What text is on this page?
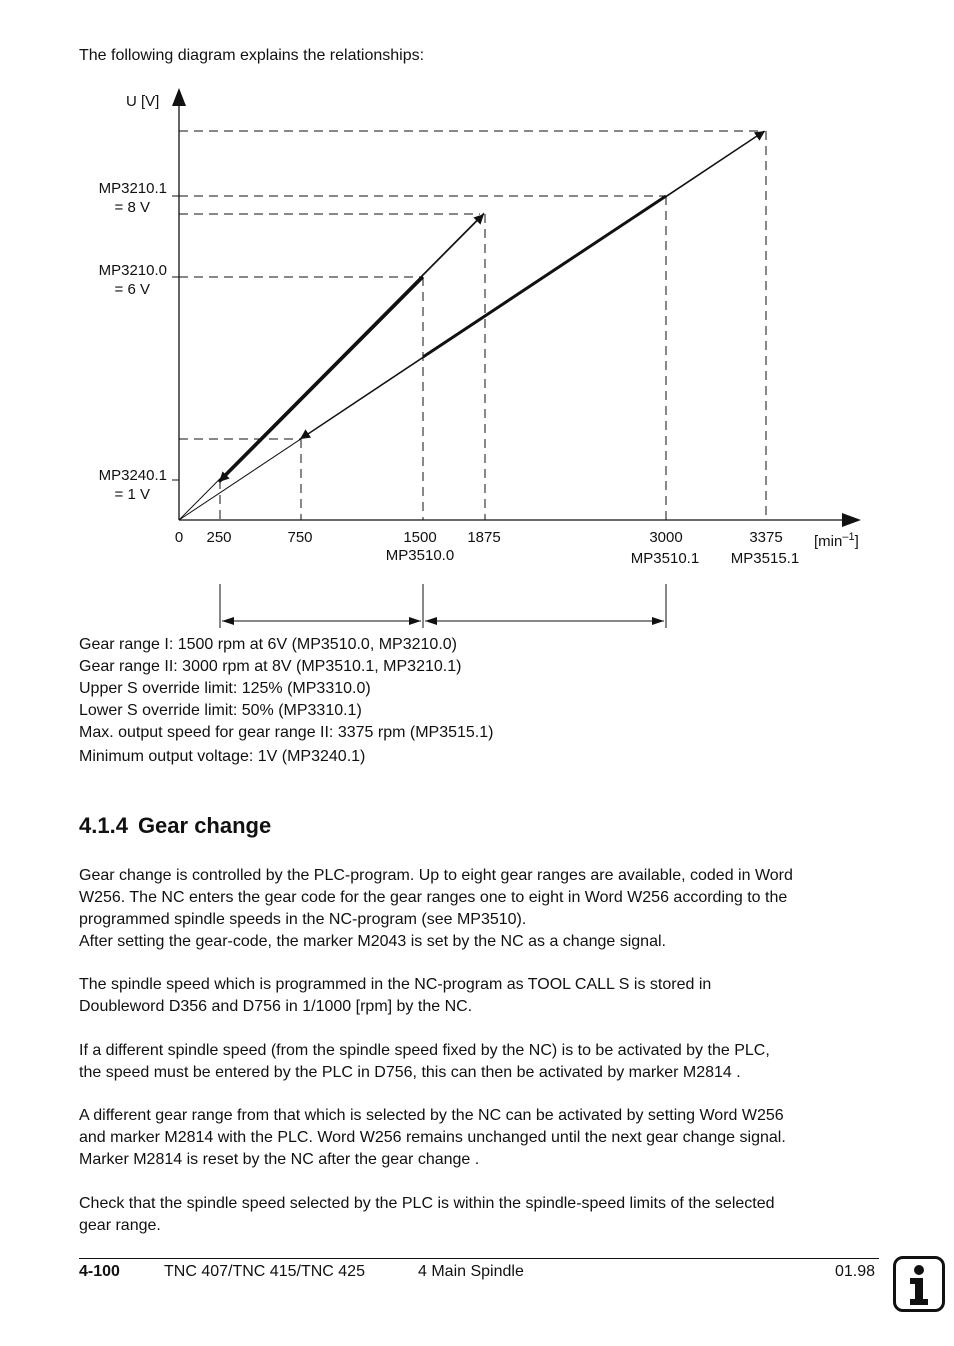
The following diagram explains the relationships:
U [V]
MP3210.1
= 8 V
MP3210.0
= 6 V
MP3240.1
= 1 V
0 250	750	1500 1875	3000	3375 $[\min^{-1}]$
MP3510.0	MP3510.1 MP3515.1
Gear range I: 1500 rpm at 6V (MP3510.0, MP3210.0)
Gear range II: 3000 rpm at 8V (MP3510.1, MP3210.1)
Upper S override limit: 125% (MP3310.0)
Lower S override limit: 50% (MP3310.1)
Max. output speed for gear range II: 3375 rpm (MP3515.1)
Minimum output voltage: 1V (MP3240.1)
4.1.4 Gear change
Gear change is controlled by the PLC-program. Up to eight gear ranges are available, coded in Word
W256. The NC enters the gear code for the gear ranges one to eight in Word W256 according to the
programmed spindle speeds in the NC-program (see MP3510).
After setting the gear-code, the marker M2043 is set by the NC as a change signal.
The spindle speed which is programmed in the NC-program as TOOL CALL S is stored in
Doubleword D356 and D756 in 1/1000 [rpm] by the NC.
If a different spindle speed (from the spindle speed fixed by the NC) is to be activated by the PLC,
the speed must be entered by the PLC in D756, this can then be activated by marker M2814 .
A different gear range from that which is selected by the NC can be activated by setting Word W256
and marker M2814 with the PLC. Word W256 remains unchanged until the next gear change signal.
Marker M2814 is reset by the NC after the gear change .
Check that the spindle speed selected by the PLC is within the spindle-speed limits of the selected
gear range.
4-100	TNC 407/TNC 415/TNC 425	4 Main Spindle	01.98
